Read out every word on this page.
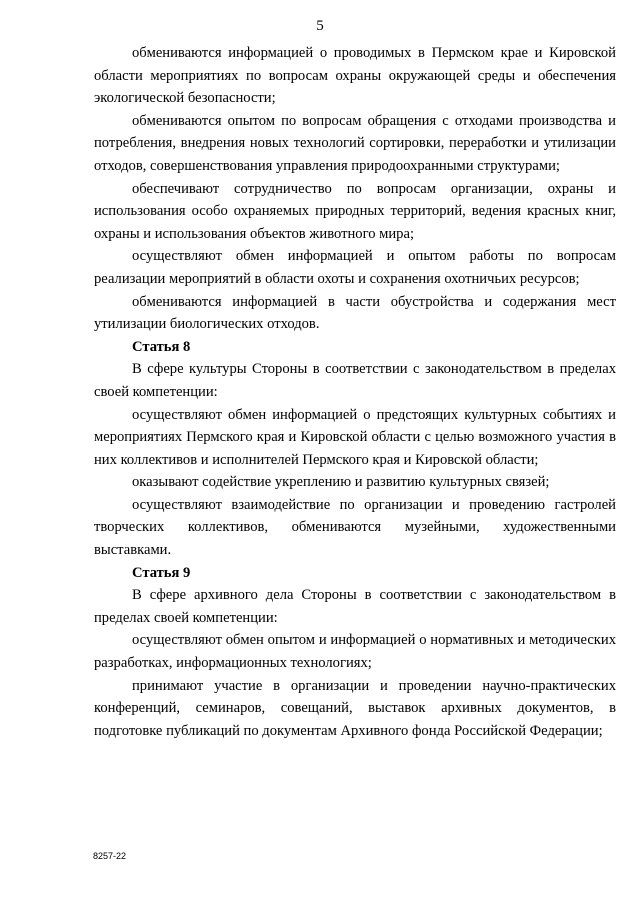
5

обмениваются информацией о проводимых в Пермском крае и Кировской области мероприятиях по вопросам охраны окружающей среды и обеспечения экологической безопасности;

обмениваются опытом по вопросам обращения с отходами производства и потребления, внедрения новых технологий сортировки, переработки и утилизации отходов, совершенствования управления природоохранными структурами;

обеспечивают сотрудничество по вопросам организации, охраны и использования особо охраняемых природных территорий, ведения красных книг, охраны и использования объектов животного мира;

осуществляют обмен информацией и опытом работы по вопросам реализации мероприятий в области охоты и сохранения охотничьих ресурсов;

обмениваются информацией в части обустройства и содержания мест утилизации биологических отходов.

Статья 8

В сфере культуры Стороны в соответствии с законодательством в пределах своей компетенции:

осуществляют обмен информацией о предстоящих культурных событиях и мероприятиях Пермского края и Кировской области с целью возможного участия в них коллективов и исполнителей Пермского края и Кировской области;

оказывают содействие укреплению и развитию культурных связей;

осуществляют взаимодействие по организации и проведению гастролей творческих коллективов, обмениваются музейными, художественными выставками.

Статья 9

В сфере архивного дела Стороны в соответствии с законодательством в пределах своей компетенции:

осуществляют обмен опытом и информацией о нормативных и методических разработках, информационных технологиях;

принимают участие в организации и проведении научно-практических конференций, семинаров, совещаний, выставок архивных документов, в подготовке публикаций по документам Архивного фонда Российской Федерации;

8257-22
